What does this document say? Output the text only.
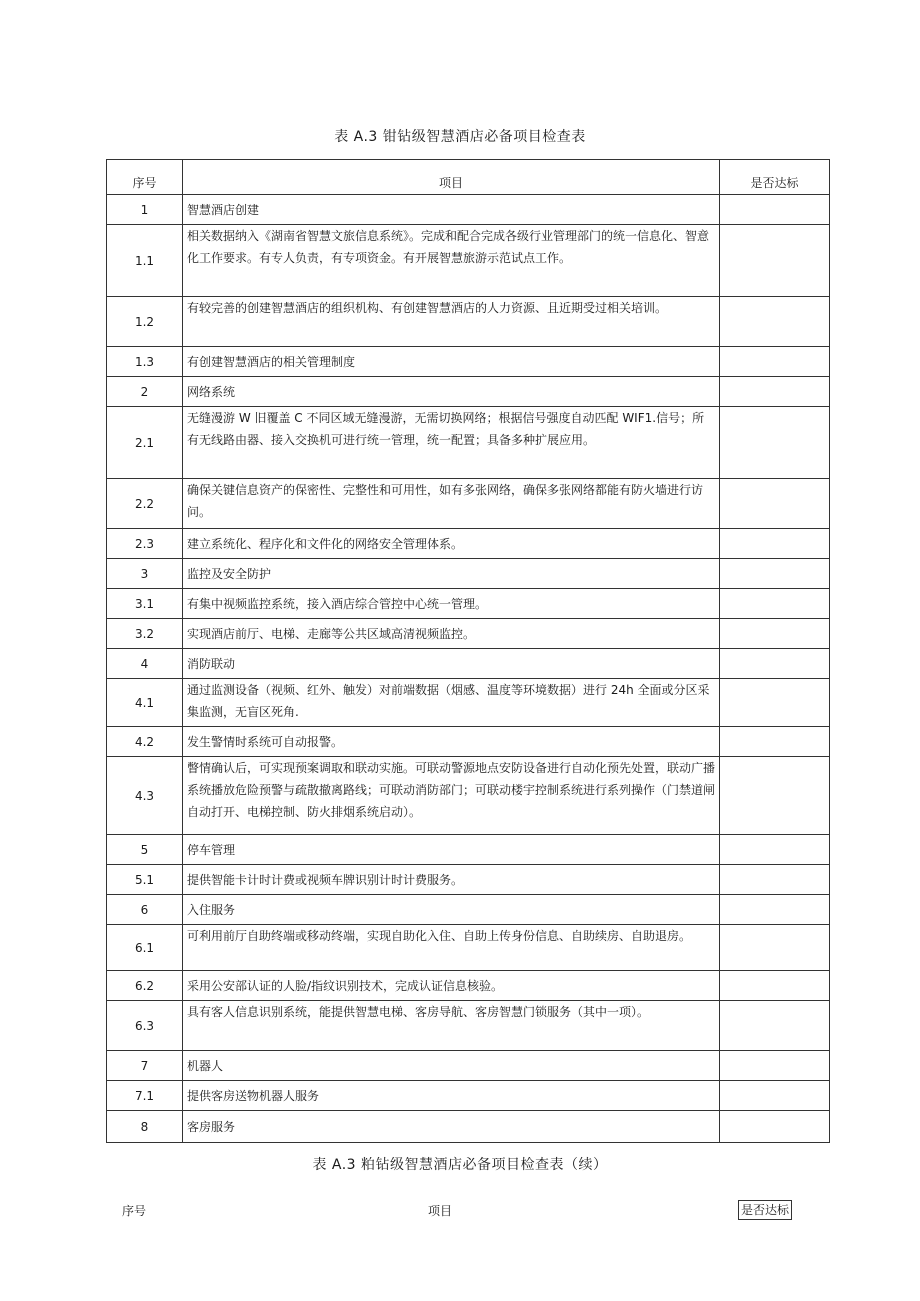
表 A.3 钳钻级智慧酒店必备项目检查表
序号	项目	是否达标
1	智慧酒店创建	
1.1	相关数据纳入《湖南省智慧文旅信息系统》。完成和配合完成各级行业管理部门的统一信息化、智意化工作要求。有专人负责，有专项资金。有开展智慧旅游示范试点工作。	
1.2	有较完善的创建智慧酒店的组织机构、有创建智慧酒店的人力资源、且近期受过相关培训。	
1.3	有创建智慧酒店的相关管理制度	
2	网络系统	
2.1	无缝漫游 W 旧覆盖 C 不同区域无缝漫游，无需切换网络；根据信号强度自动匹配 WIF1.信号；所有无线路由器、接入交换机可进行统一管理，统一配置；具备多种扩展应用。	
2.2	确保关键信息资产的保密性、完整性和可用性，如有多张网络，确保多张网络都能有防火墙进行访问。	
2.3	建立系统化、程序化和文件化的网络安全管理体系。	
3	监控及安全防护	
3.1	有集中视频监控系统，接入酒店综合管控中心统一管理。	
3.2	实现酒店前厅、电梯、走廊等公共区域高清视频监控。	
4	消防联动	
4.1	通过监测设备（视频、红外、触发）对前端数据（烟感、温度等环境数据）进行 24h 全面或分区采集监测，无盲区死角.	
4.2	发生警情时系统可自动报警。	
4.3	瞥情确认后，可实现预案调取和联动实施。可联动警源地点安防设备进行自动化预先处置，联动广播系统播放危险预警与疏散撤离路线；可联动消防部门；可联动楼宇控制系统进行系列操作（门禁道闸自动打开、电梯控制、防火排烟系统启动）。	
5	停车管理	
5.1	提供智能卡计时计费或视频车牌识别计时计费服务。	
6	入住服务	
6.1	可利用前厅自助终端或移动终端，实现自助化入住、自助上传身份信息、自助续房、自助退房。	
6.2	采用公安部认证的人脸/指纹识别技术，完成认证信息核验。	
6.3	具有客人信息识别系统，能提供智慧电梯、客房导航、客房智慧门锁服务（其中一项）。	
7	机器人	
7.1	提供客房送物机器人服务	
8	客房服务	
表 A.3 粕钻级智慧酒店必备项目检查表（续）
序号	项目	是否达标
